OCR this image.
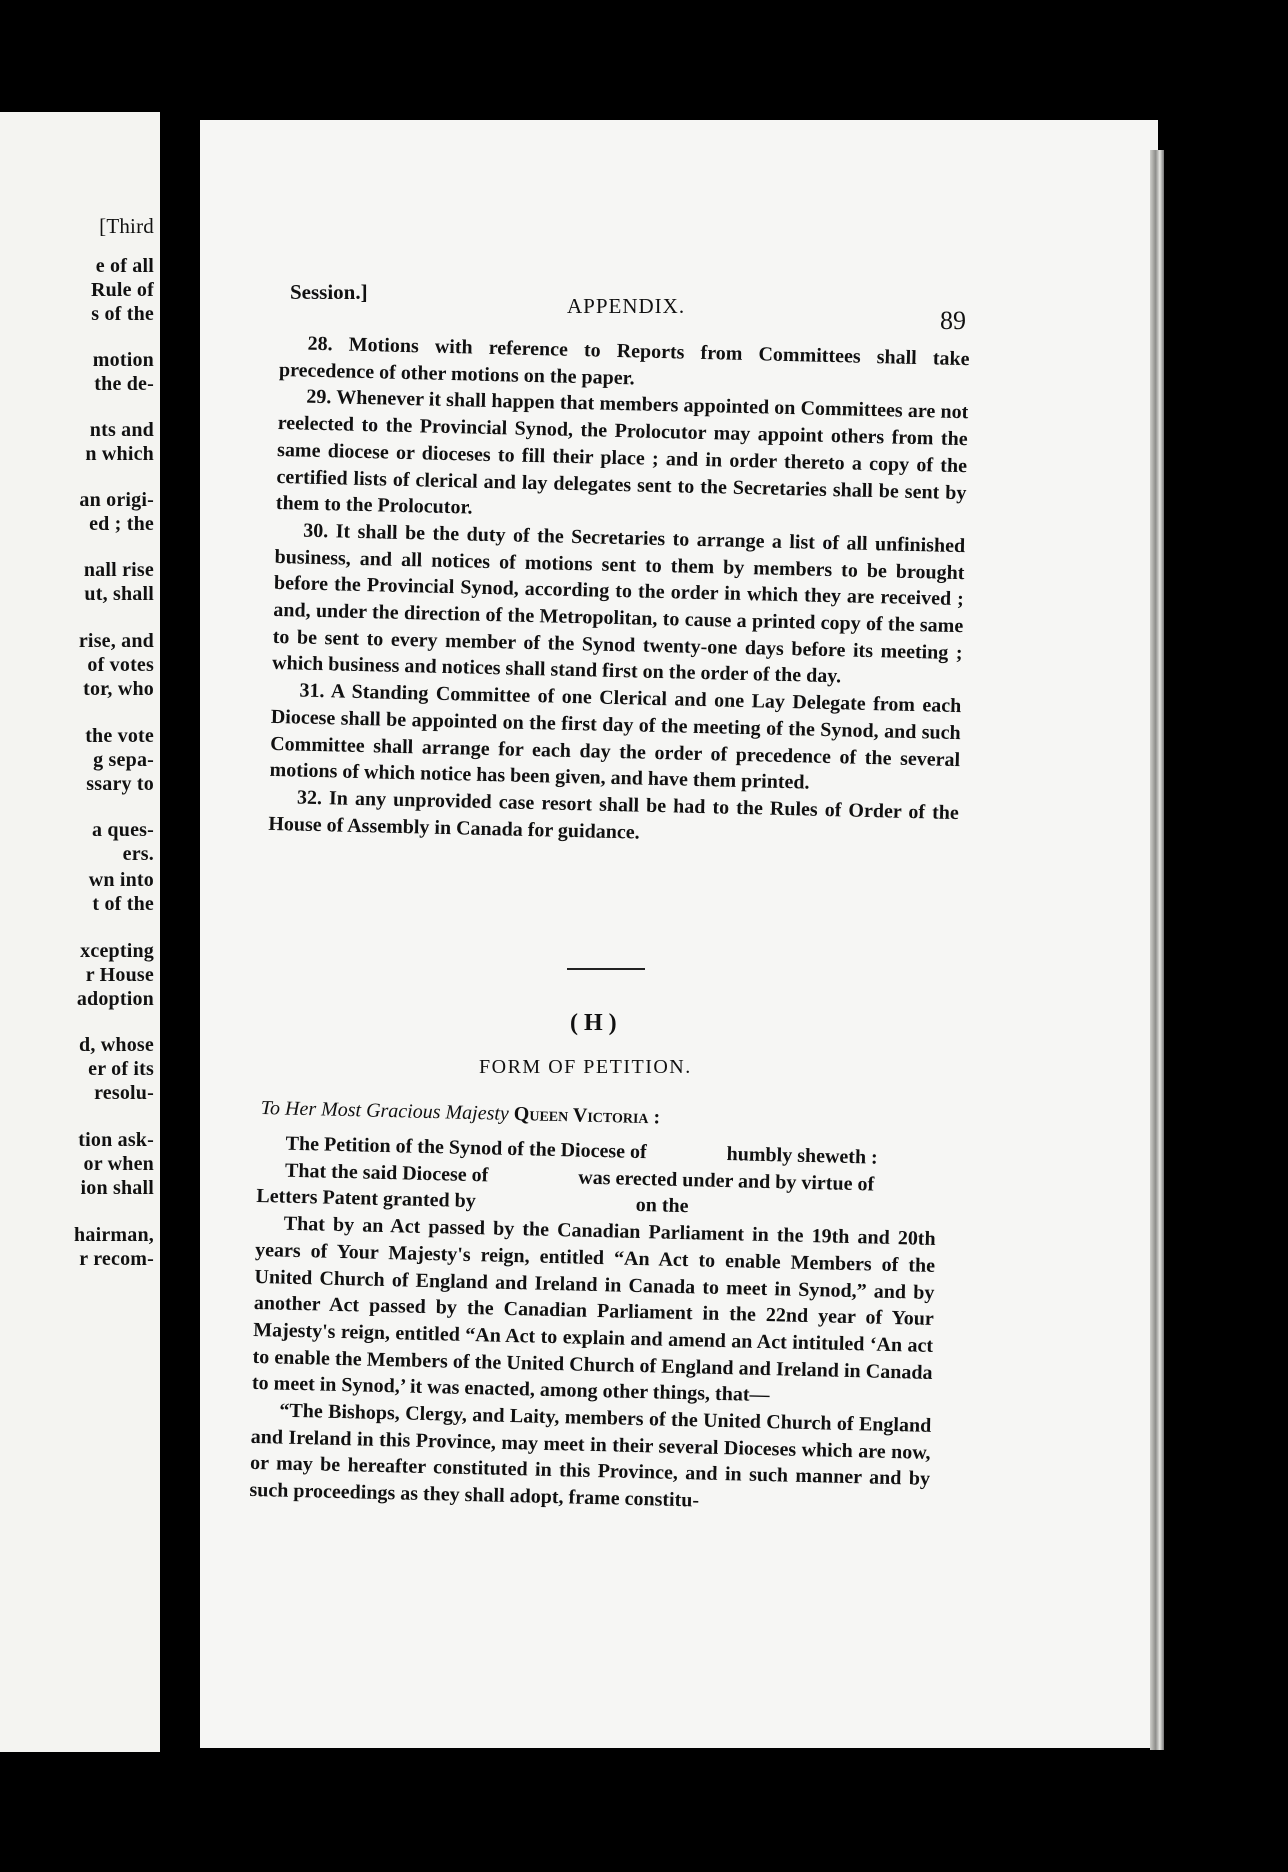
[Third
e of all
Rule of
s of the
motion
the de-
nts and
n which
an origi-
ed ; the
nall rise
ut, shall
rise, and
of votes
tor, who
the vote
g sepa-
ssary to
a ques-
ers.
wn into
t of the
xcepting
r House
adoption
d, whose
er of its
resolu-
tion ask-
or when
ion shall
hairman,
r recom-
Session.]
APPENDIX.	89

28. Motions with reference to Reports from Committees shall take precedence of other motions on the paper.

29. Whenever it shall happen that members appointed on Committees are not reelected to the Provincial Synod, the Prolocutor may appoint others from the same diocese or dioceses to fill their place ; and in order thereto a copy of the certified lists of clerical and lay delegates sent to the Secretaries shall be sent by them to the Prolocutor.

30. It shall be the duty of the Secretaries to arrange a list of all unfinished business, and all notices of motions sent to them by members to be brought before the Provincial Synod, according to the order in which they are received ; and, under the direction of the Metropolitan, to cause a printed copy of the same to be sent to every member of the Synod twenty-one days before its meeting ; which business and notices shall stand first on the order of the day.

31. A Standing Committee of one Clerical and one Lay Delegate from each Diocese shall be appointed on the first day of the meeting of the Synod, and such Committee shall arrange for each day the order of precedence of the several motions of which notice has been given, and have them printed.

32. In any unprovided case resort shall be had to the Rules of Order of the House of Assembly in Canada for guidance.

( H )
FORM OF PETITION.
To Her Most Gracious Majesty Queen Victoria :

The Petition of the Synod of the Diocese of	humbly sheweth :

That the said Diocese of	was erected under and by virtue of

Letters Patent granted by	on the

That by an Act passed by the Canadian Parliament in the 19th and 20th years of Your Majesty's reign, entitled “An Act to enable Members of the United Church of England and Ireland in Canada to meet in Synod,” and by another Act passed by the Canadian Parliament in the 22nd year of Your Majesty's reign, entitled “An Act to explain and amend an Act intituled ‘An act to enable the Members of the United Church of England and Ireland in Canada to meet in Synod,’ it was enacted, among other things, that—

“The Bishops, Clergy, and Laity, members of the United Church of England and Ireland in this Province, may meet in their several Dioceses which are now, or may be hereafter constituted in this Province, and in such manner and by such proceedings as they shall adopt, frame constitu-
